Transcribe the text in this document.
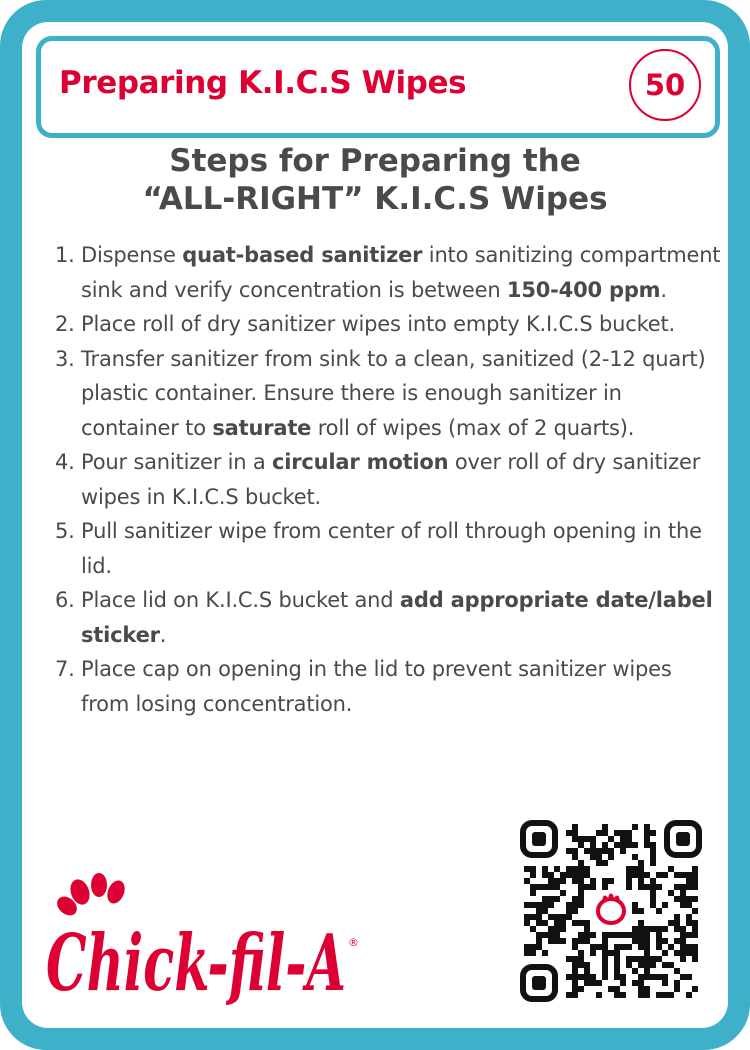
Preparing K.I.C.S Wipes	50
Steps for Preparing the
“ALL-RIGHT” K.I.C.S Wipes
1. Dispense quat-based sanitizer into sanitizing compartment sink and verify concentration is between 150-400 ppm.
2. Place roll of dry sanitizer wipes into empty K.I.C.S bucket.
3. Transfer sanitizer from sink to a clean, sanitized (2-12 quart) plastic container. Ensure there is enough sanitizer in container to saturate roll of wipes (max of 2 quarts).
4. Pour sanitizer in a circular motion over roll of dry sanitizer wipes in K.I.C.S bucket.
5. Pull sanitizer wipe from center of roll through opening in the lid.
6. Place lid on K.I.C.S bucket and add appropriate date/label sticker.
7. Place cap on opening in the lid to prevent sanitizer wipes from losing concentration.
Chick-fil-A ®
